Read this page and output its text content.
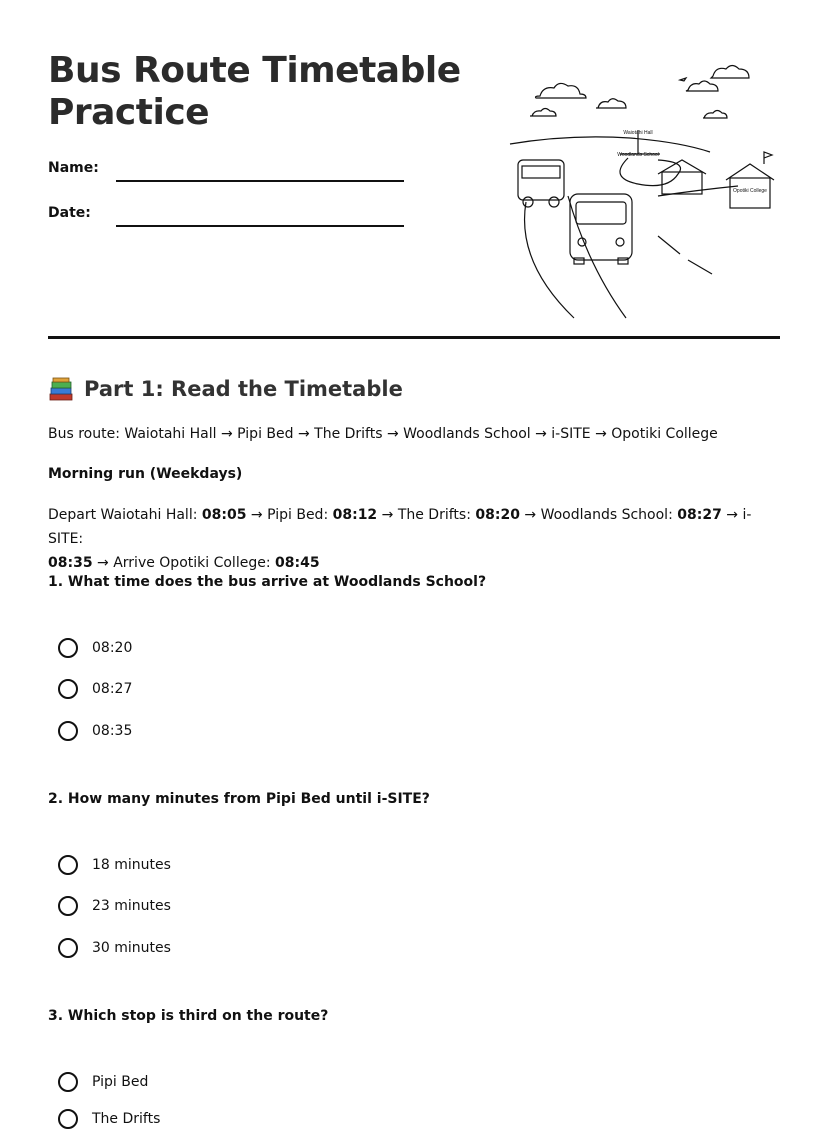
Bus Route Timetable
Practice
Name:
Date:
Waiotahi Hall
Woodlands School
Opotiki College
Part 1: Read the Timetable
Bus route: Waiotahi Hall → Pipi Bed → The Drifts → Woodlands School → i-SITE → Opotiki College
Morning run (Weekdays)
Depart Waiotahi Hall: 08:05 → Pipi Bed: 08:12 → The Drifts: 08:20 → Woodlands School: 08:27 → i-SITE:
08:35 → Arrive Opotiki College: 08:45
1. What time does the bus arrive at Woodlands School?
08:20
08:27
08:35
2. How many minutes from Pipi Bed until i-SITE?
18 minutes
23 minutes
30 minutes
3. Which stop is third on the route?
Pipi Bed
The Drifts
